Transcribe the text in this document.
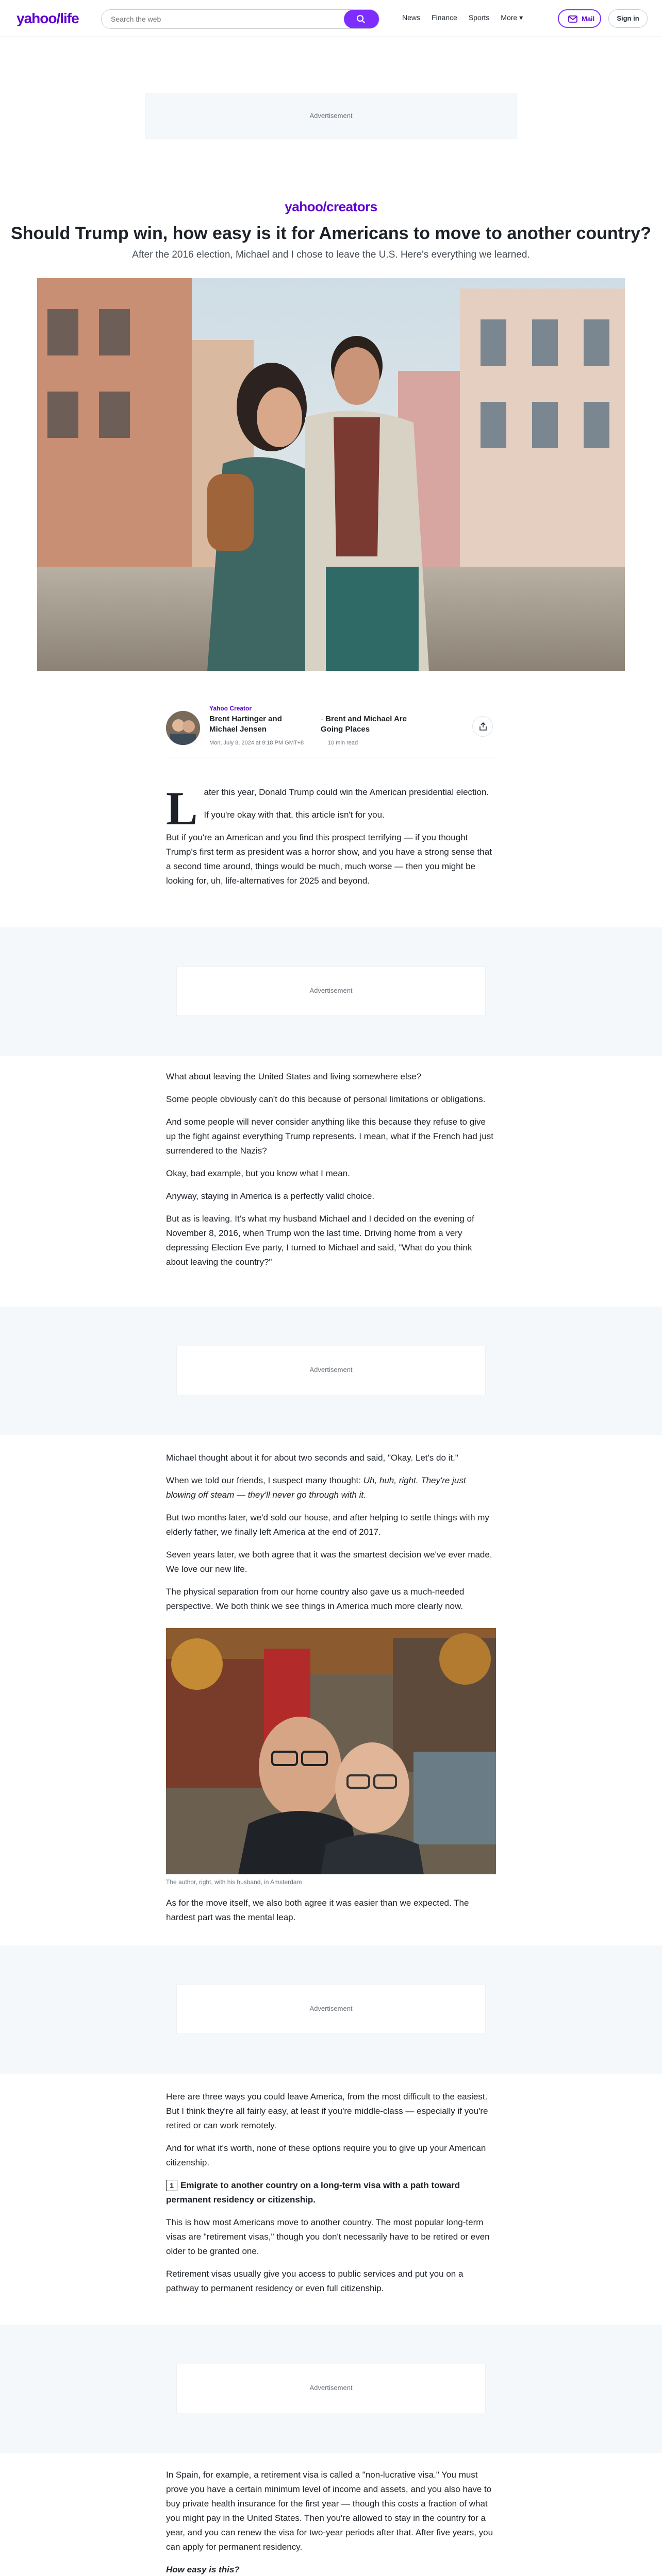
yahoo/life
Search the web	News Finance Sports More ▾	Mail	Sign in
Advertisement
yahoo/creators
Should Trump win, how easy is it for Americans to move to another country?
After the 2016 election, Michael and I chose to leave the U.S. Here's everything we learned.
Yahoo Creator
Brent Hartinger and Michael Jensen
· Brent and Michael Are Going Places
Mon, July 8, 2024 at 9:18 PM GMT+8	10 min read

Later this year, Donald Trump could win the American presidential election.

If you're okay with that, this article isn't for you.

But if you're an American and you find this prospect terrifying — if you thought Trump's first term as president was a horror show, and you have a strong sense that a second time around, things would be much, much worse — then you might be looking for, uh, life-alternatives for 2025 and beyond.

Advertisement

What about leaving the United States and living somewhere else?

Some people obviously can't do this because of personal limitations or obligations.

And some people will never consider anything like this because they refuse to give up the fight against everything Trump represents. I mean, what if the French had just surrendered to the Nazis?

Okay, bad example, but you know what I mean.

Anyway, staying in America is a perfectly valid choice.

But as is leaving. It's what my husband Michael and I decided on the evening of November 8, 2016, when Trump won the last time. Driving home from a very depressing Election Eve party, I turned to Michael and said, "What do you think about leaving the country?"

Advertisement

Michael thought about it for about two seconds and said, "Okay. Let's do it."

When we told our friends, I suspect many thought: Uh, huh, right. They're just blowing off steam — they'll never go through with it.

But two months later, we'd sold our house, and after helping to settle things with my elderly father, we finally left America at the end of 2017.

Seven years later, we both agree that it was the smartest decision we've ever made. We love our new life.

The physical separation from our home country also gave us a much-needed perspective. We both think we see things in America much more clearly now.

The author, right, with his husband, in Amsterdam

As for the move itself, we also both agree it was easier than we expected. The hardest part was the mental leap.

Advertisement

Here are three ways you could leave America, from the most difficult to the easiest. But I think they're all fairly easy, at least if you're middle-class — especially if you're retired or can work remotely.

And for what it's worth, none of these options require you to give up your American citizenship.

1 Emigrate to another country on a long-term visa with a path toward permanent residency or citizenship.

This is how most Americans move to another country. The most popular long-term visas are "retirement visas," though you don't necessarily have to be retired or even older to be granted one.

Retirement visas usually give you access to public services and put you on a pathway to permanent residency or even full citizenship.

Advertisement

In Spain, for example, a retirement visa is called a "non-lucrative visa." You must prove you have a certain minimum level of income and assets, and you also have to buy private health insurance for the first year — though this costs a fraction of what you might pay in the United States. Then you're allowed to stay in the country for a year, and you can renew the visa for two-year periods after that. After five years, you can apply for permanent residency.

How easy is this?
